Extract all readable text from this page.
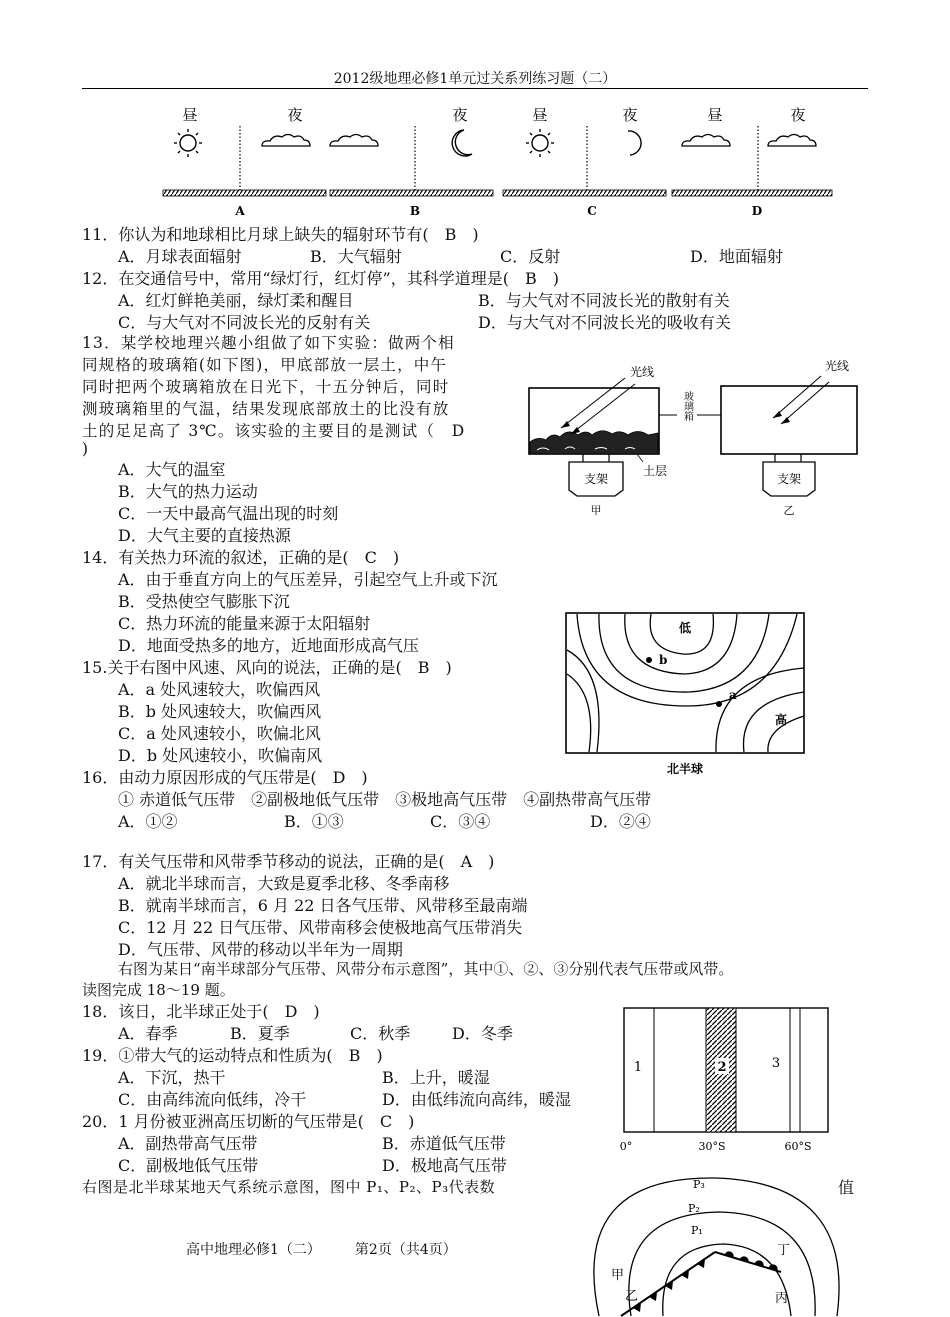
2012级地理必修1单元过关系列练习题（二）
昼	夜	夜	昼	夜	昼	夜
A	B	C	D
11．你认为和地球相比月球上缺失的辐射环节有(　B　)
A．月球表面辐射	B．大气辐射	C．反射	D．地面辐射
12．在交通信号中，常用“绿灯行，红灯停”，其科学道理是(　B　)
A．红灯鲜艳美丽，绿灯柔和醒目	B．与大气对不同波长光的散射有关
C．与大气对不同波长光的反射有关	D．与大气对不同波长光的吸收有关
13．某学校地理兴趣小组做了如下实验：做两个相
同规格的玻璃箱(如下图)，甲底部放一层土，中午
同时把两个玻璃箱放在日光下，十五分钟后，同时
测玻璃箱里的气温，结果发现底部放土的比没有放
土的足足高了 3℃。该实验的主要目的是测试（　D
)
A．大气的温室
B．大气的热力运动
C．一天中最高气温出现的时刻
D．大气主要的直接热源
光线
支架
甲
土层
玻璃箱
光线
支架
乙
14．有关热力环流的叙述，正确的是(　C　)
A．由于垂直方向上的气压差异，引起空气上升或下沉
B．受热使空气膨胀下沉
C．热力环流的能量来源于太阳辐射
D．地面受热多的地方，近地面形成高气压
15.关于右图中风速、风向的说法，正确的是(　B　)
A．a 处风速较大，吹偏西风
B．b 处风速较大，吹偏西风
C．a 处风速较小，吹偏北风
D．b 处风速较小，吹偏南风
低
b
a
高
北半球
16．由动力原因形成的气压带是(　D　)
① 赤道低气压带　②副极地低气压带　③极地高气压带　④副热带高气压带
A．①②	B．①③	C．③④	D．②④
17．有关气压带和风带季节移动的说法，正确的是(　A　)
A．就北半球而言，大致是夏季北移、冬季南移
B．就南半球而言，6 月 22 日各气压带、风带移至最南端
C．12 月 22 日气压带、风带南移会使极地高气压带消失
D．气压带、风带的移动以半年为一周期
右图为某日“南半球部分气压带、风带分布示意图”，其中①、②、③分别代表气压带或风带。
读图完成 18～19 题。
18．该日，北半球正处于(　D　)
A．春季	B．夏季	C．秋季	D．冬季
19．①带大气的运动特点和性质为(　B　)
A．下沉，热干	B．上升，暖湿
C．由高纬流向低纬，冷干	D．由低纬流向高纬，暖湿
20．1 月份被亚洲高压切断的气压带是(　C　)
A．副热带高气压带	B．赤道低气压带
C．副极地低气压带	D．极地高气压带
1	2	3
0°	30°S	60°S
右图是北半球某地天气系统示意图，图中 P₁、P₂、P₃代表数	值
P₃
P₂
P₁
甲
乙	丙
丁
高中地理必修1（二） 第2页（共4页）
